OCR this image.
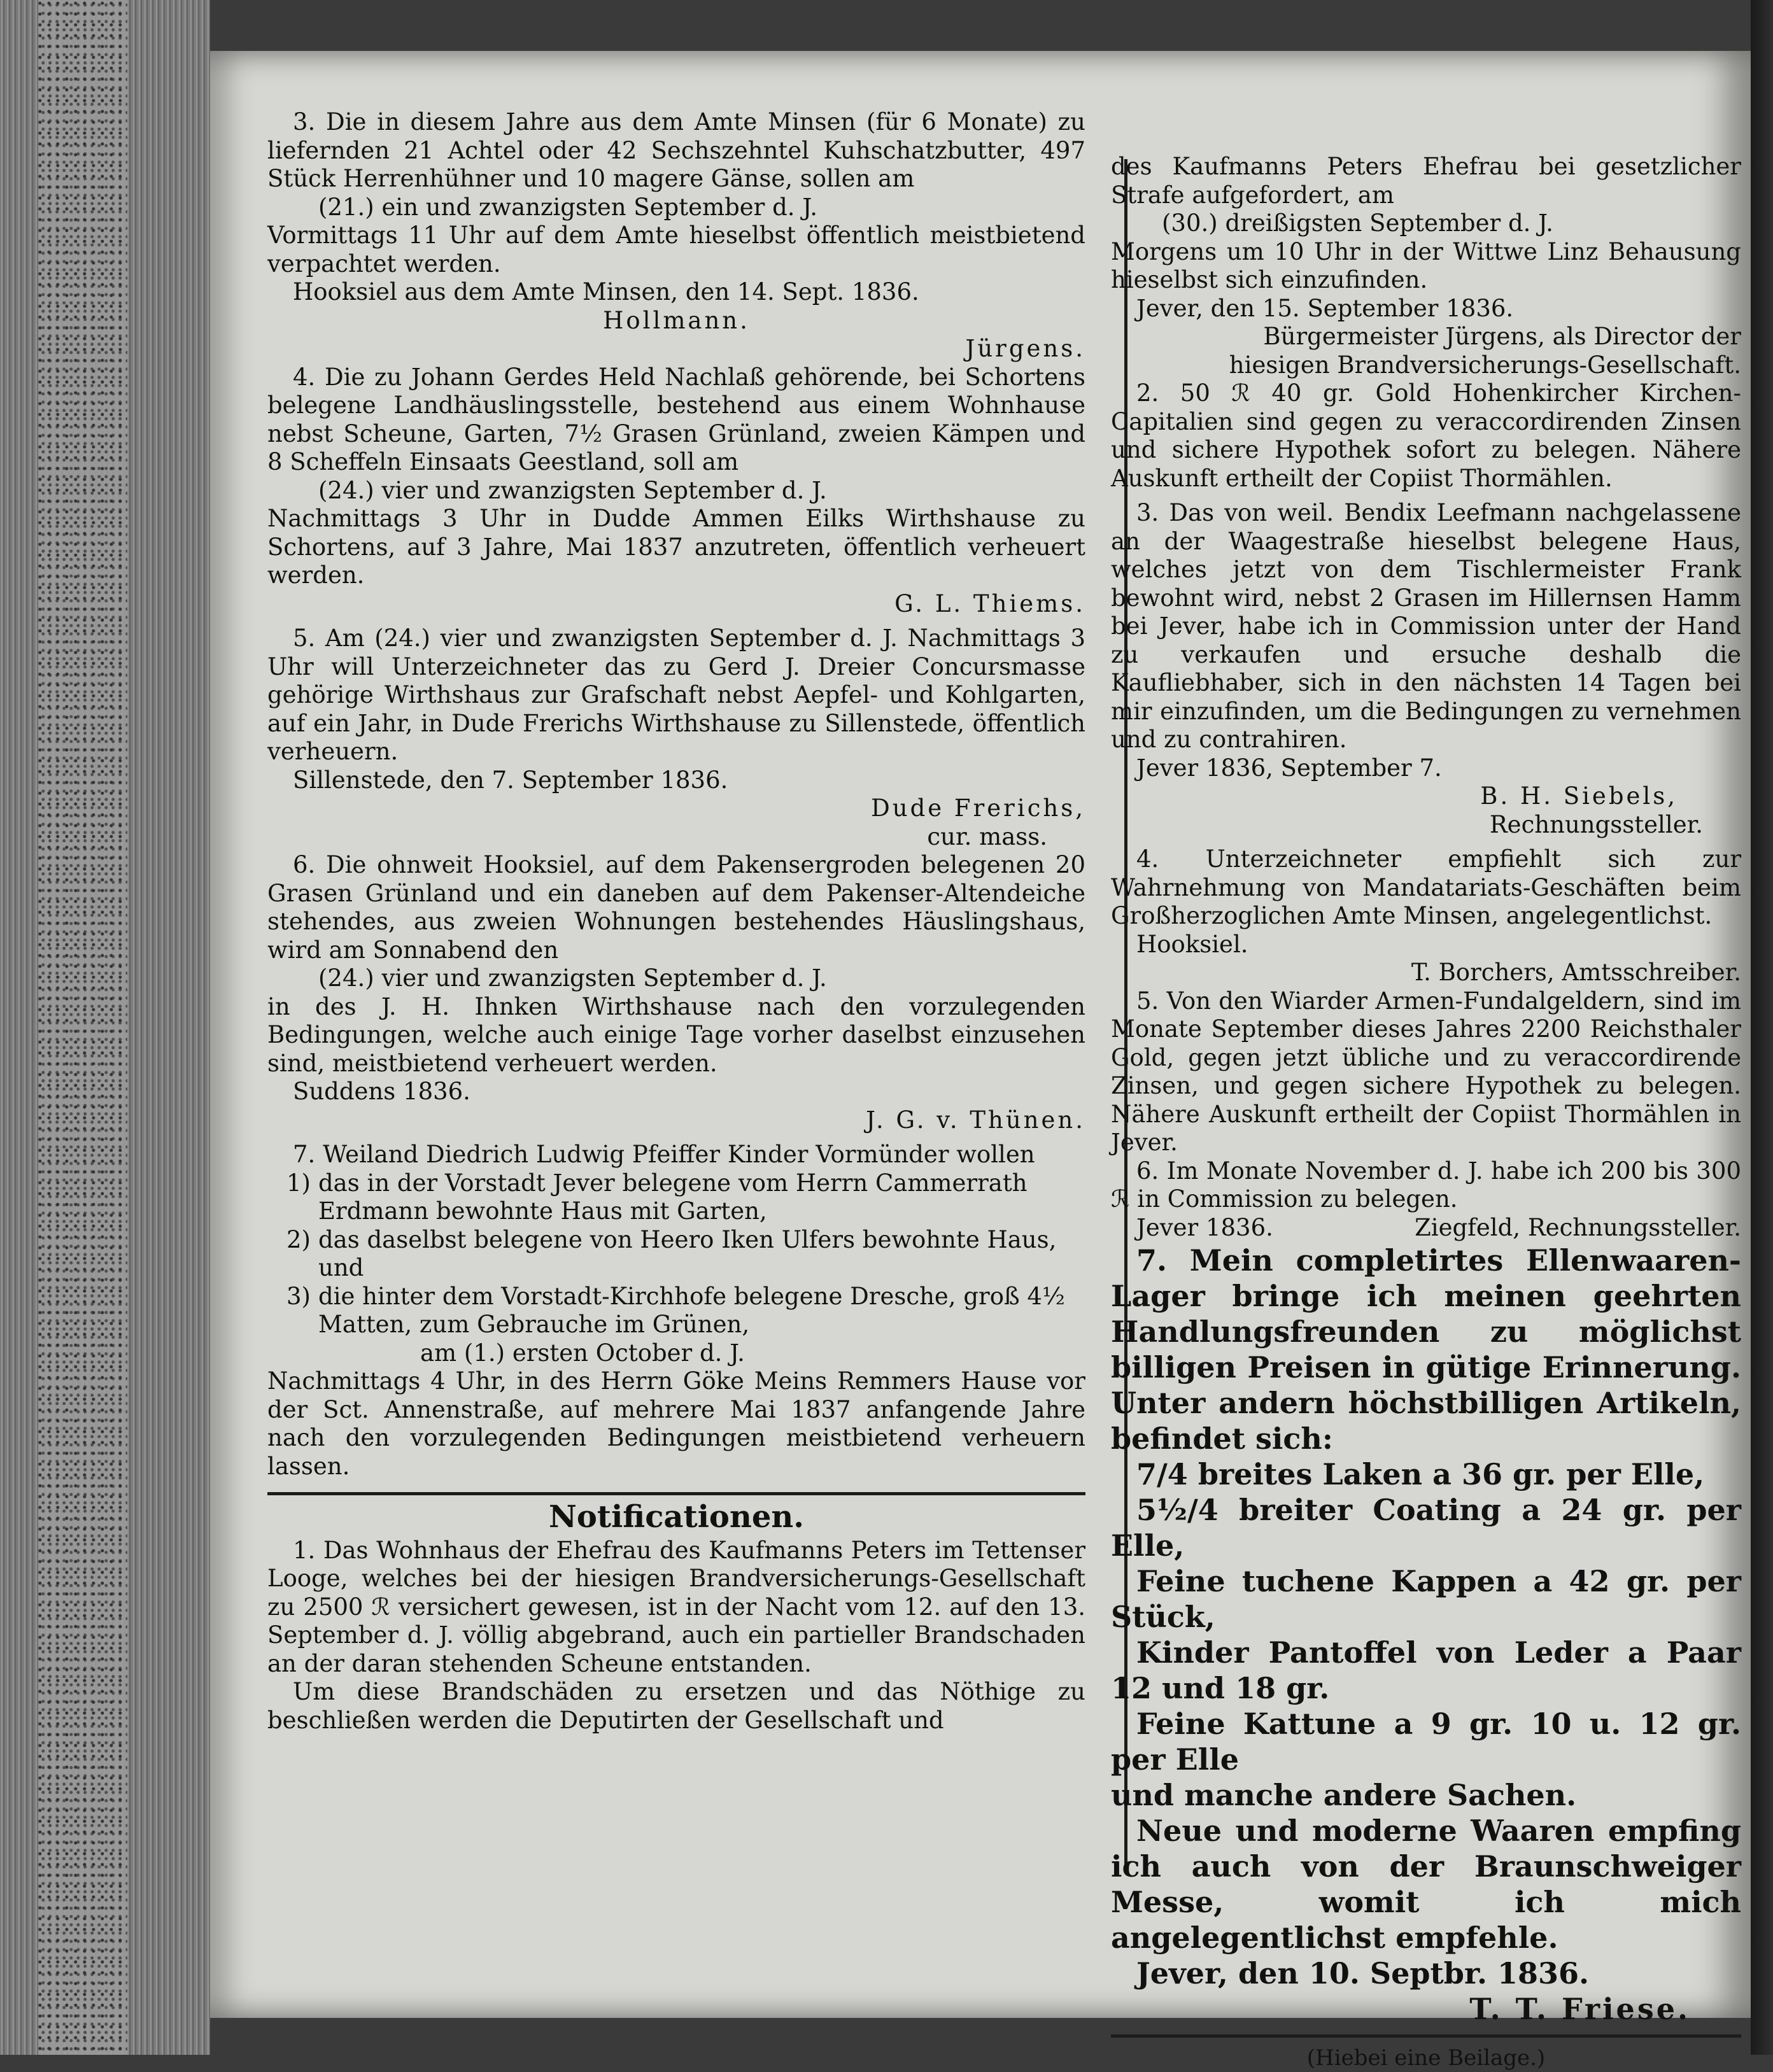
3. Die in diesem Jahre aus dem Amte Minsen (für 6 Monate) zu liefernden 21 Achtel oder 42 Sechszehntel Kuhschatzbutter, 497 Stück Herrenhühner und 10 magere Gänse, sollen am

(21.) ein und zwanzigsten September d. J.

Vormittags 11 Uhr auf dem Amte hieselbst öffentlich meistbietend verpachtet werden.

Hooksiel aus dem Amte Minsen, den 14. Sept. 1836.

Hollmann.

Jürgens.

4. Die zu Johann Gerdes Held Nachlaß gehörende, bei Schortens belegene Landhäuslingsstelle, bestehend aus einem Wohnhause nebst Scheune, Garten, 7½ Grasen Grünland, zweien Kämpen und 8 Scheffeln Einsaats Geestland, soll am

(24.) vier und zwanzigsten September d. J.

Nachmittags 3 Uhr in Dudde Ammen Eilks Wirthshause zu Schortens, auf 3 Jahre, Mai 1837 anzutreten, öffentlich verheuert werden.

G. L. Thiems.

5. Am (24.) vier und zwanzigsten September d. J. Nachmittags 3 Uhr will Unterzeichneter das zu Gerd J. Dreier Concursmasse gehörige Wirthshaus zur Grafschaft nebst Aepfel- und Kohlgarten, auf ein Jahr, in Dude Frerichs Wirthshause zu Sillenstede, öffentlich verheuern.

Sillenstede, den 7. September 1836.

Dude Frerichs,

cur. mass.

6. Die ohnweit Hooksiel, auf dem Pakensergroden belegenen 20 Grasen Grünland und ein daneben auf dem Pakenser-Altendeiche stehendes, aus zweien Wohnungen bestehendes Häuslingshaus, wird am Sonnabend den

(24.) vier und zwanzigsten September d. J.

in des J. H. Ihnken Wirthshause nach den vorzulegenden Bedingungen, welche auch einige Tage vorher daselbst einzusehen sind, meistbietend verheuert werden.

Suddens 1836.

J. G. v. Thünen.

7. Weiland Diedrich Ludwig Pfeiffer Kinder Vormünder wollen

1) das in der Vorstadt Jever belegene vom Herrn Cammerrath Erdmann bewohnte Haus mit Garten,
2) das daselbst belegene von Heero Iken Ulfers bewohnte Haus, und
3) die hinter dem Vorstadt-Kirchhofe belegene Dresche, groß 4½ Matten, zum Gebrauche im Grünen,

am (1.) ersten October d. J.

Nachmittags 4 Uhr, in des Herrn Göke Meins Remmers Hause vor der Sct. Annenstraße, auf mehrere Mai 1837 anfangende Jahre nach den vorzulegenden Bedingungen meistbietend verheuern lassen.

Notificationen.

1. Das Wohnhaus der Ehefrau des Kaufmanns Peters im Tettenser Looge, welches bei der hiesigen Brandversicherungs-Gesellschaft zu 2500 ℛ versichert gewesen, ist in der Nacht vom 12. auf den 13. September d. J. völlig abgebrand, auch ein partieller Brandschaden an der daran stehenden Scheune entstanden.

Um diese Brandschäden zu ersetzen und das Nöthige zu beschließen werden die Deputirten der Gesellschaft und

des Kaufmanns Peters Ehefrau bei gesetzlicher Strafe aufgefordert, am

(30.) dreißigsten September d. J.

Morgens um 10 Uhr in der Wittwe Linz Behausung hieselbst sich einzufinden.

Jever, den 15. September 1836.

Bürgermeister Jürgens, als Director der

hiesigen Brandversicherungs-Gesellschaft.

2. 50 ℛ 40 gr. Gold Hohenkircher Kirchen-Capitalien sind gegen zu veraccordirenden Zinsen und sichere Hypothek sofort zu belegen. Nähere Auskunft ertheilt der Copiist Thormählen.

3. Das von weil. Bendix Leefmann nachgelassene an der Waagestraße hieselbst belegene Haus, welches jetzt von dem Tischlermeister Frank bewohnt wird, nebst 2 Grasen im Hillernsen Hamm bei Jever, habe ich in Commission unter der Hand zu verkaufen und ersuche deshalb die Kaufliebhaber, sich in den nächsten 14 Tagen bei mir einzufinden, um die Bedingungen zu vernehmen und zu contrahiren.

Jever 1836, September 7.

B. H. Siebels,

Rechnungssteller.

4. Unterzeichneter empfiehlt sich zur Wahrnehmung von Mandatariats-Geschäften beim Großherzoglichen Amte Minsen, angelegentlichst.

Hooksiel.

T. Borchers, Amtsschreiber.

5. Von den Wiarder Armen-Fundalgeldern, sind im Monate September dieses Jahres 2200 Reichsthaler Gold, gegen jetzt übliche und zu veraccordirende Zinsen, und gegen sichere Hypothek zu belegen. Nähere Auskunft ertheilt der Copiist Thormählen in Jever.

6. Im Monate November d. J. habe ich 200 bis 300 ℛ in Commission zu belegen.

Ziegfeld, Rechnungssteller.

Jever 1836.

7. Mein completirtes Ellenwaaren-Lager bringe ich meinen geehrten Handlungsfreunden zu möglichst billigen Preisen in gütige Erinnerung. Unter andern höchstbilligen Artikeln, befindet sich:

7/4 breites Laken a 36 gr. per Elle,

5½/4 breiter Coating a 24 gr. per Elle,

Feine tuchene Kappen a 42 gr. per Stück,

Kinder Pantoffel von Leder a Paar 12 und 18 gr.

Feine Kattune a 9 gr. 10 u. 12 gr. per Elle

und manche andere Sachen.

Neue und moderne Waaren empfing ich auch von der Braunschweiger Messe, womit ich mich angelegentlichst empfehle.

Jever, den 10. Septbr. 1836.

T. T. Friese.

(Hiebei eine Beilage.)
